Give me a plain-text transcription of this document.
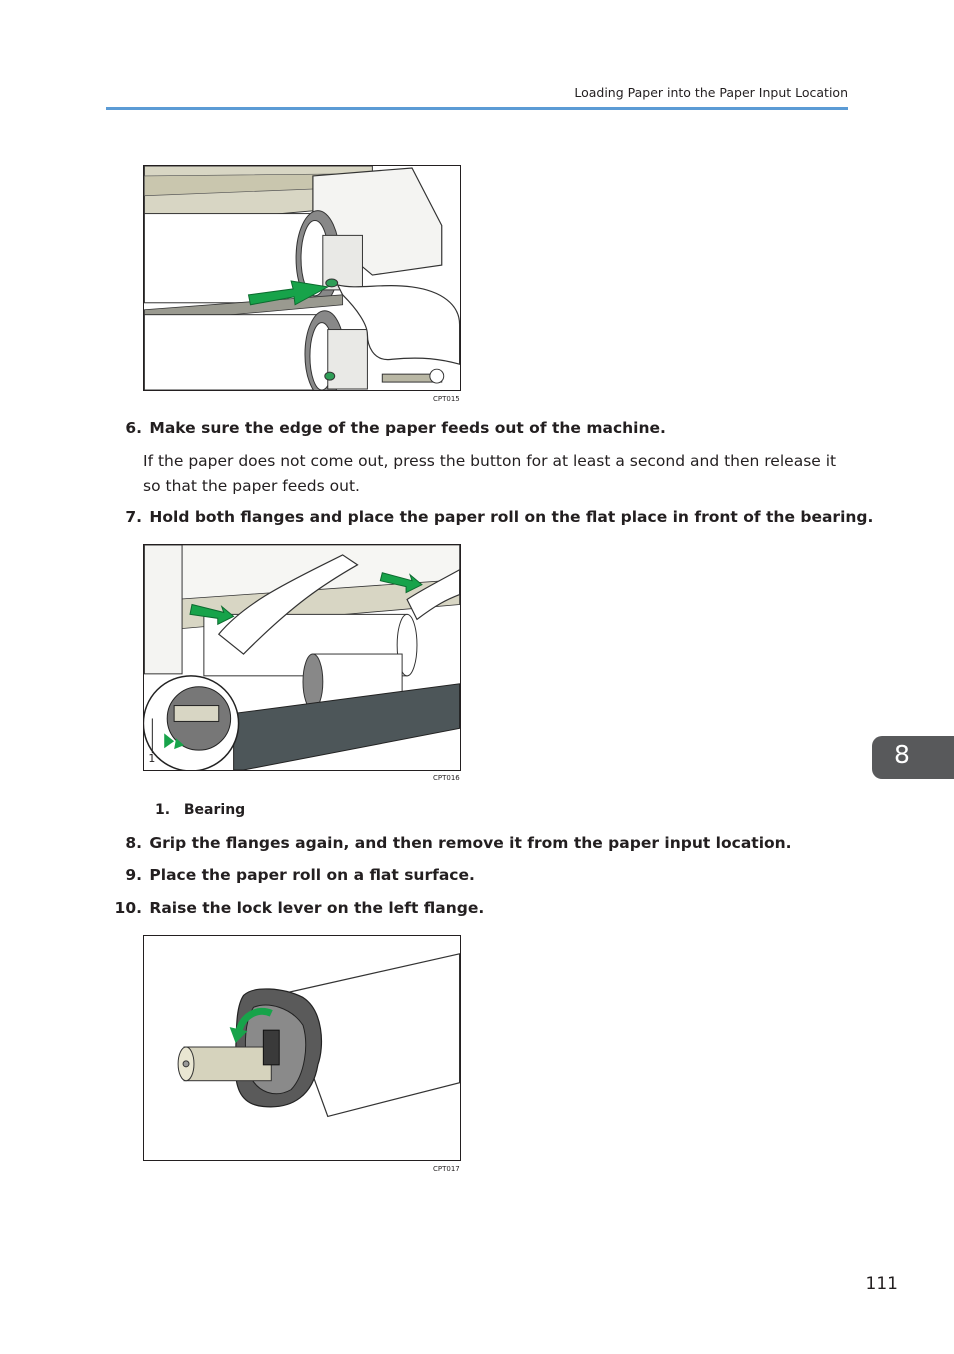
Loading Paper into the Paper Input Location
CPT015
6. Make sure the edge of the paper feeds out of the machine.
If the paper does not come out, press the button for at least a second and then release it so that the paper feeds out.
7. Hold both flanges and place the paper roll on the flat place in front of the bearing.
1
CPT016
1. Bearing
8. Grip the flanges again, and then remove it from the paper input location.
9. Place the paper roll on a flat surface.
10. Raise the lock lever on the left flange.
CPT017
8
111
